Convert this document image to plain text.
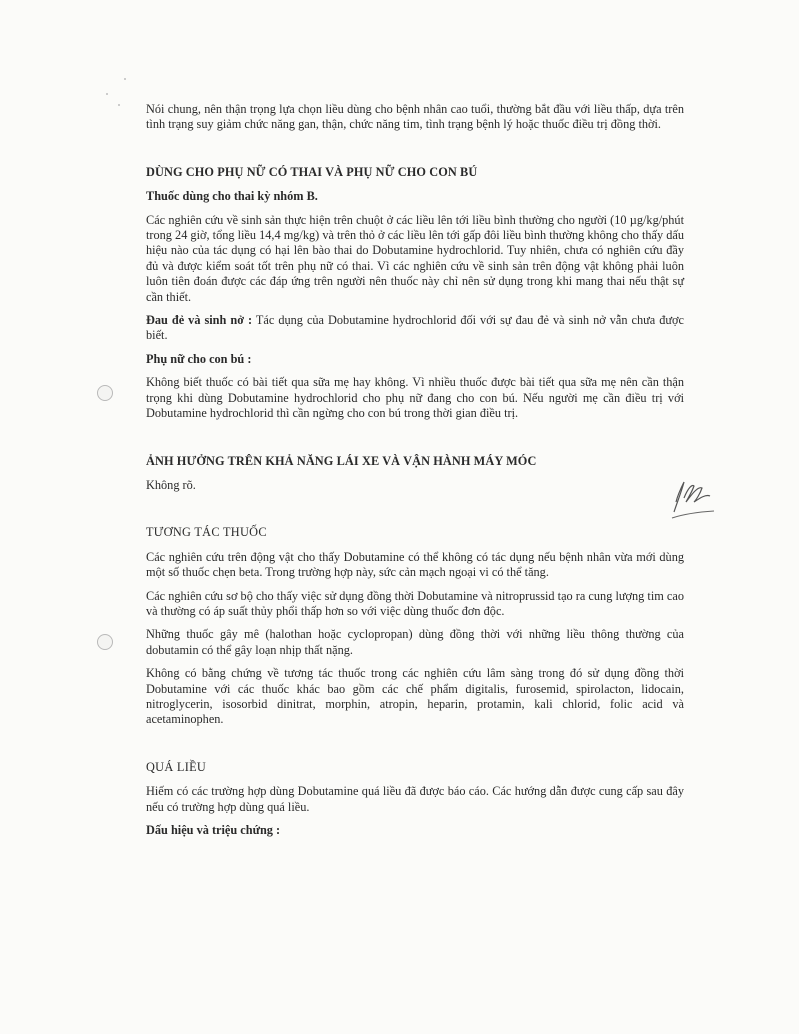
Nói chung, nên thận trọng lựa chọn liều dùng cho bệnh nhân cao tuổi, thường bắt đầu với liều thấp, dựa trên tình trạng suy giảm chức năng gan, thận, chức năng tim, tình trạng bệnh lý hoặc thuốc điều trị đồng thời.

DÙNG CHO PHỤ NỮ CÓ THAI VÀ PHỤ NỮ CHO CON BÚ
Thuốc dùng cho thai kỳ nhóm B.

Các nghiên cứu về sinh sản thực hiện trên chuột ở các liều lên tới liều bình thường cho người (10 µg/kg/phút trong 24 giờ, tổng liều 14,4 mg/kg) và trên thỏ ở các liều lên tới gấp đôi liều bình thường không cho thấy dấu hiệu nào của tác dụng có hại lên bào thai do Dobutamine hydrochlorid. Tuy nhiên, chưa có nghiên cứu đầy đủ và được kiểm soát tốt trên phụ nữ có thai. Vì các nghiên cứu về sinh sản trên động vật không phải luôn luôn tiên đoán được các đáp ứng trên người nên thuốc này chỉ nên sử dụng trong khi mang thai nếu thật sự cần thiết.

Đau đẻ và sinh nở : Tác dụng của Dobutamine hydrochlorid đối với sự đau đẻ và sinh nở vẫn chưa được biết.

Phụ nữ cho con bú :

Không biết thuốc có bài tiết qua sữa mẹ hay không. Vì nhiều thuốc được bài tiết qua sữa mẹ nên cần thận trọng khi dùng Dobutamine hydrochlorid cho phụ nữ đang cho con bú. Nếu người mẹ cần điều trị với Dobutamine hydrochlorid thì cần ngừng cho con bú trong thời gian điều trị.

ẢNH HƯỞNG TRÊN KHẢ NĂNG LÁI XE VÀ VẬN HÀNH MÁY MÓC

Không rõ.

TƯƠNG TÁC THUỐC

Các nghiên cứu trên động vật cho thấy Dobutamine có thể không có tác dụng nếu bệnh nhân vừa mới dùng một số thuốc chẹn beta. Trong trường hợp này, sức cản mạch ngoại vi có thể tăng.

Các nghiên cứu sơ bộ cho thấy việc sử dụng đồng thời Dobutamine và nitroprussid tạo ra cung lượng tim cao và thường có áp suất thủy phổi thấp hơn so với việc dùng thuốc đơn độc.

Những thuốc gây mê (halothan hoặc cyclopropan) dùng đồng thời với những liều thông thường của dobutamin có thể gây loạn nhịp thất nặng.

Không có bằng chứng về tương tác thuốc trong các nghiên cứu lâm sàng trong đó sử dụng đồng thời Dobutamine với các thuốc khác bao gồm các chế phẩm digitalis, furosemid, spirolacton, lidocain, nitroglycerin, isosorbid dinitrat, morphin, atropin, heparin, protamin, kali chlorid, folic acid và acetaminophen.

QUÁ LIỀU

Hiếm có các trường hợp dùng Dobutamine quá liều đã được báo cáo. Các hướng dẫn được cung cấp sau đây nếu có trường hợp dùng quá liều.

Dấu hiệu và triệu chứng :
